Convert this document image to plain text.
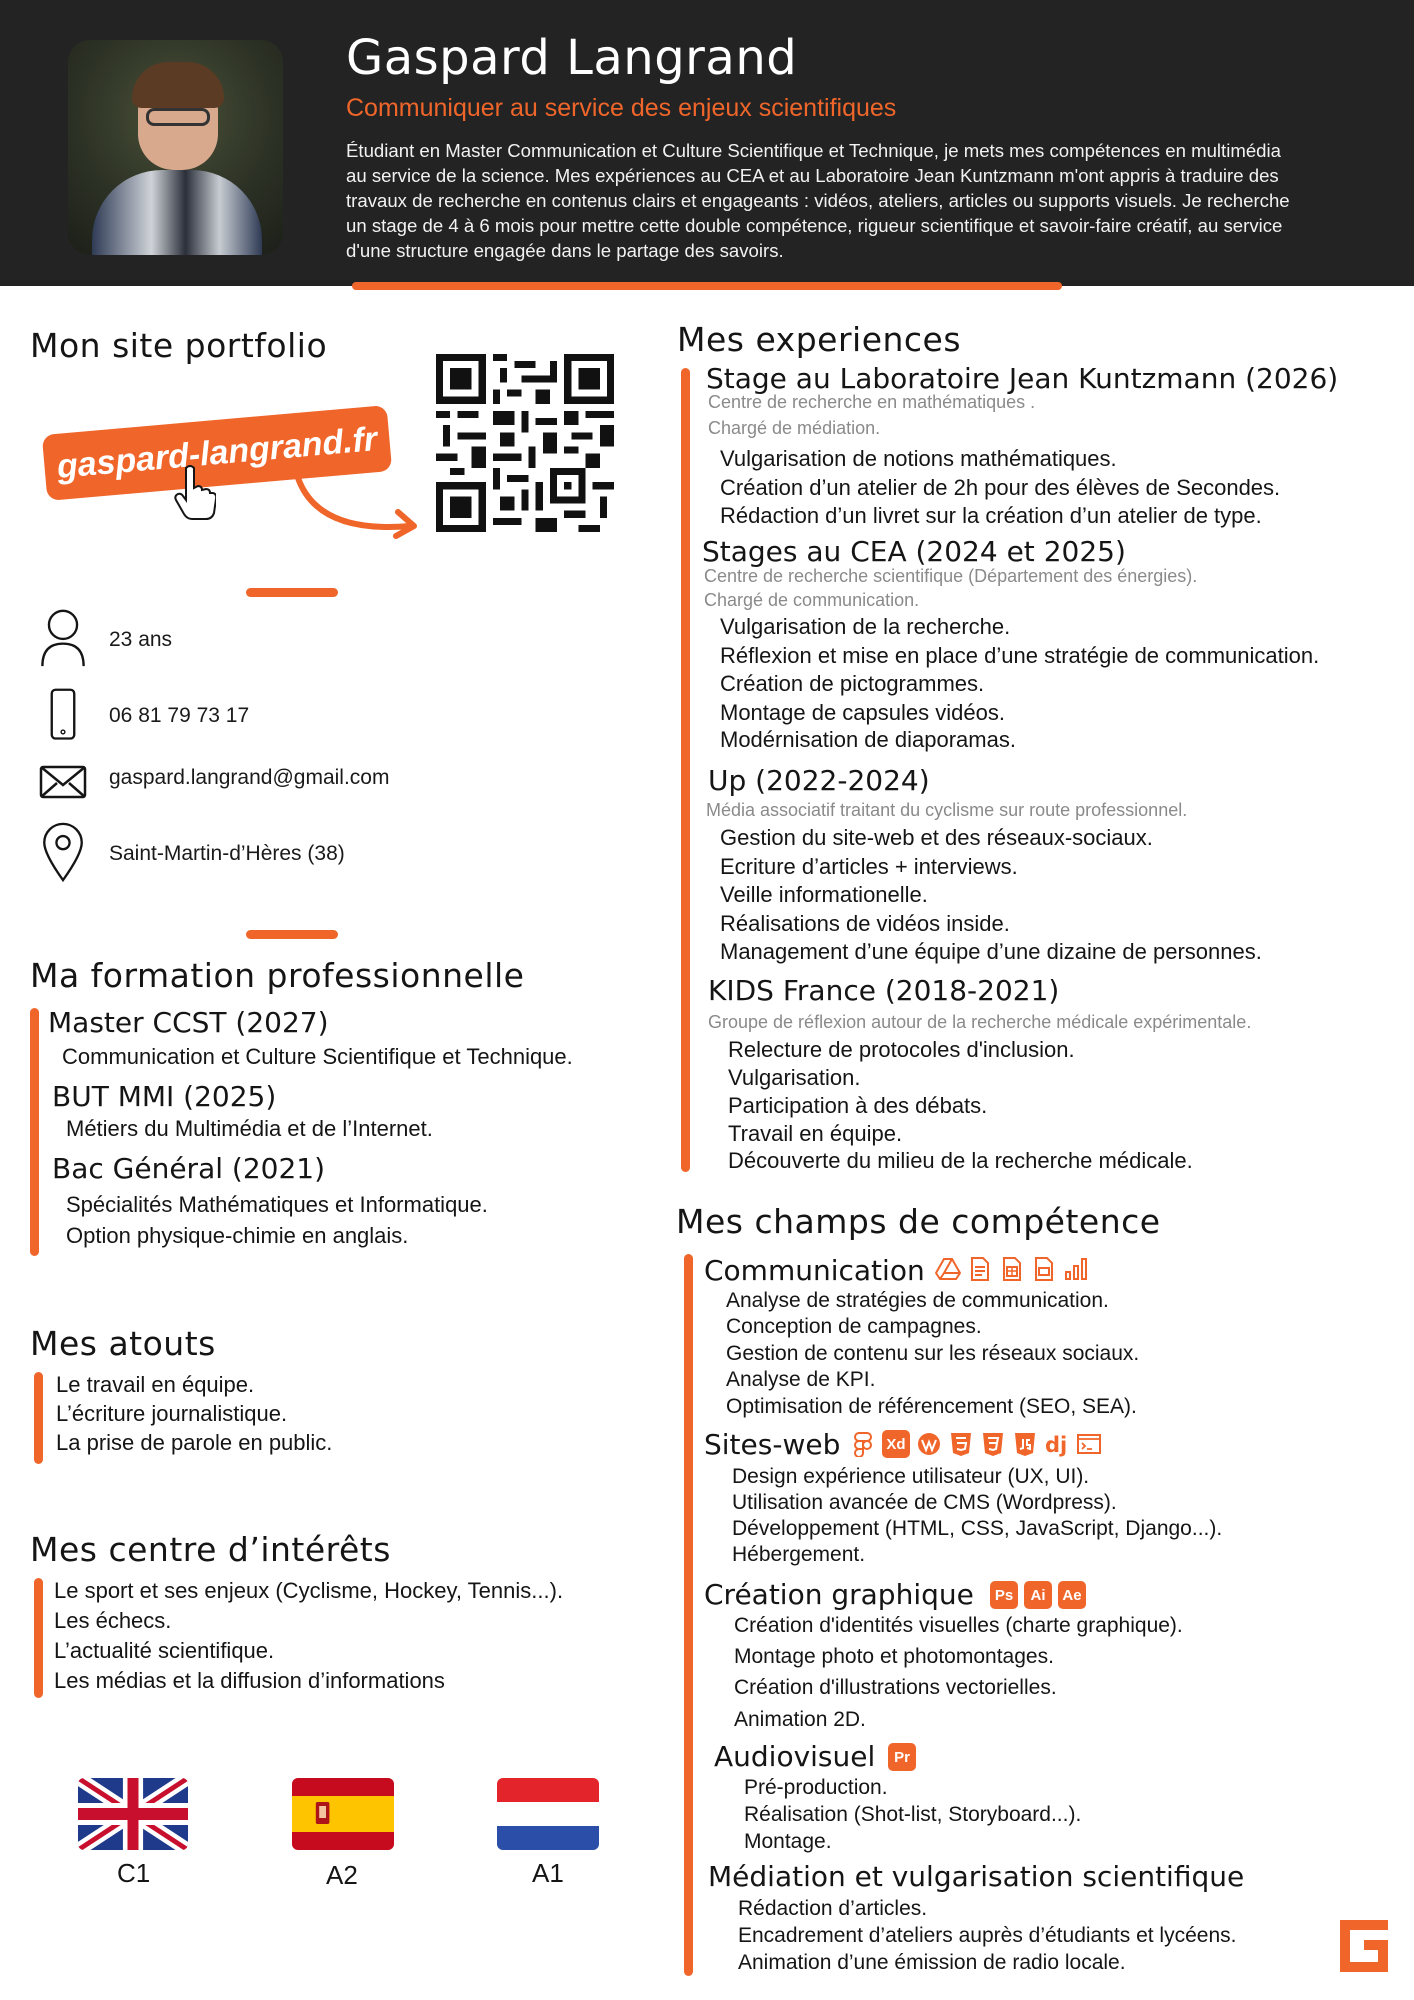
Gaspard Langrand
Communiquer au service des enjeux scientifiques
Étudiant en Master Communication et Culture Scientifique et Technique, je mets mes compétences en multimédia
au service de la science. Mes expériences au CEA et au Laboratoire Jean Kuntzmann m'ont appris à traduire des
travaux de recherche en contenus clairs et engageants : vidéos, ateliers, articles ou supports visuels. Je recherche
un stage de 4 à 6 mois pour mettre cette double compétence, rigueur scientifique et savoir-faire créatif, au service
d'une structure engagée dans le partage des savoirs.
Mon site portfolio
gaspard-langrand.fr
23 ans
06 81 79 73 17
gaspard.langrand@gmail.com
Saint-Martin-d’Hères (38)
Ma formation professionnelle
Master CCST (2027)
Communication et Culture Scientifique et Technique.
BUT MMI (2025)
Métiers du Multimédia et de l’Internet.
Bac Général (2021)
Spécialités Mathématiques et Informatique.
Option physique-chimie en anglais.
Mes atouts
Le travail en équipe.
L’écriture journalistique.
La prise de parole en public.
Mes centre d’intérêts
Le sport et ses enjeux (Cyclisme, Hockey, Tennis...).
Les échecs.
L’actualité scientifique.
Les médias et la diffusion d’informations
C1	A2	A1
Mes experiences
Stage au Laboratoire Jean Kuntzmann (2026)
Centre de recherche en mathématiques .
Chargé de médiation.
Vulgarisation de notions mathématiques.
Création d’un atelier de 2h pour des élèves de Secondes.
Rédaction d’un livret sur la création d’un atelier de type.
Stages au CEA (2024 et 2025)
Centre de recherche scientifique (Département des énergies).
Chargé de communication.
Vulgarisation de la recherche.
Réflexion et mise en place d’une stratégie de communication.
Création de pictogrammes.
Montage de capsules vidéos.
Modérnisation de diaporamas.
Up (2022-2024)
Média associatif traitant du cyclisme sur route professionnel.
Gestion du site-web et des réseaux-sociaux.
Ecriture d’articles + interviews.
Veille informationelle.
Réalisations de vidéos inside.
Management d’une équipe d’une dizaine de personnes.
KIDS France (2018-2021)
Groupe de réflexion autour de la recherche médicale expérimentale.
Relecture de protocoles d'inclusion.
Vulgarisation.
Participation à des débats.
Travail en équipe.
Découverte du milieu de la recherche médicale.
Mes champs de compétence
Communication
Analyse de stratégies de communication.
Conception de campagnes.
Gestion de contenu sur les réseaux sociaux.
Analyse de KPI.
Optimisation de référencement (SEO, SEA).
Sites-web	Xd	dj
Design expérience utilisateur (UX, UI).
Utilisation avancée de CMS (Wordpress).
Développement (HTML, CSS, JavaScript, Django...).
Hébergement.
Création graphique	Ps	Ai	Ae
Création d'identités visuelles (charte graphique).
Montage photo et photomontages.
Création d'illustrations vectorielles.
Animation 2D.
Audiovisuel	Pr
Pré-production.
Réalisation (Shot-list, Storyboard...).
Montage.
Médiation et vulgarisation scientifique
Rédaction d’articles.
Encadrement d’ateliers auprès d’étudiants et lycéens.
Animation d’une émission de radio locale.
